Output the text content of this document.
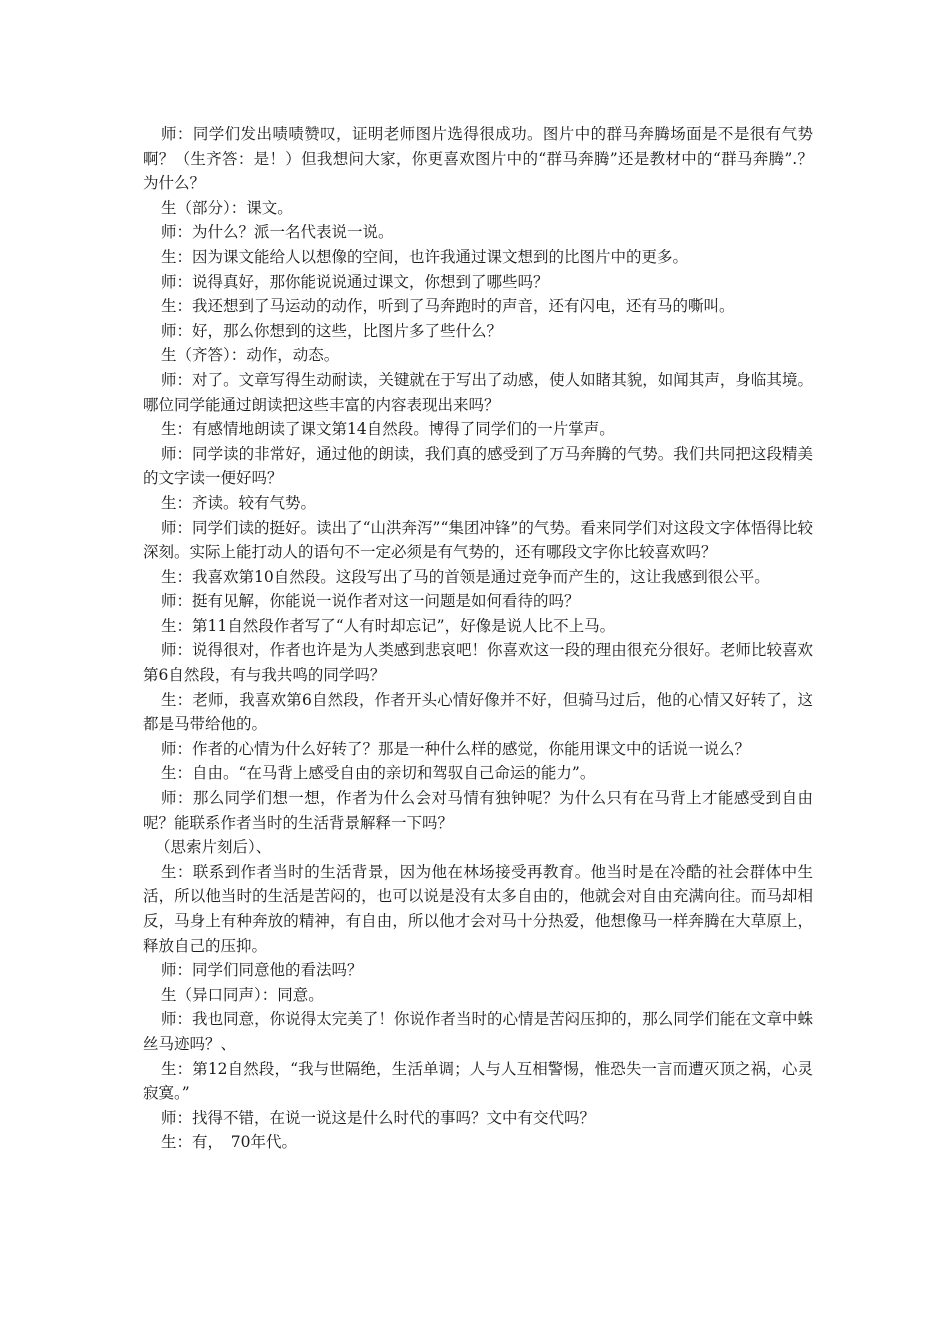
师：同学们发出啧啧赞叹，证明老师图片选得很成功。图片中的群马奔腾场面是不是很有气势啊？（生齐答：是！）但我想问大家，你更喜欢图片中的“群马奔腾”还是教材中的“群马奔腾”.？为什么？

生（部分）：课文。

师：为什么？派一名代表说一说。

生：因为课文能给人以想像的空间，也许我通过课文想到的比图片中的更多。

师：说得真好，那你能说说通过课文，你想到了哪些吗？

生：我还想到了马运动的动作，听到了马奔跑时的声音，还有闪电，还有马的嘶叫。

师：好，那么你想到的这些，比图片多了些什么？

生（齐答）：动作，动态。

师：对了。文章写得生动耐读，关键就在于写出了动感，使人如睹其貌，如闻其声，身临其境。哪位同学能通过朗读把这些丰富的内容表现出来吗？

生：有感情地朗读了课文第14自然段。博得了同学们的一片掌声。

师：同学读的非常好，通过他的朗读，我们真的感受到了万马奔腾的气势。我们共同把这段精美的文字读一便好吗？

生：齐读。较有气势。

师：同学们读的挺好。读出了“山洪奔泻”“集团冲锋”的气势。看来同学们对这段文字体悟得比较深刻。实际上能打动人的语句不一定必须是有气势的，还有哪段文字你比较喜欢吗？

生：我喜欢第10自然段。这段写出了马的首领是通过竞争而产生的，这让我感到很公平。

师：挺有见解，你能说一说作者对这一问题是如何看待的吗？

生：第11自然段作者写了“人有时却忘记”，好像是说人比不上马。

师：说得很对，作者也许是为人类感到悲哀吧！你喜欢这一段的理由很充分很好。老师比较喜欢第6自然段，有与我共鸣的同学吗？

生：老师，我喜欢第6自然段，作者开头心情好像并不好，但骑马过后，他的心情又好转了，这都是马带给他的。

师：作者的心情为什么好转了？那是一种什么样的感觉，你能用课文中的话说一说么？

生：自由。“在马背上感受自由的亲切和驾驭自己命运的能力”。

师：那么同学们想一想，作者为什么会对马情有独钟呢？为什么只有在马背上才能感受到自由呢？能联系作者当时的生活背景解释一下吗？

（思索片刻后）、

生：联系到作者当时的生活背景，因为他在林场接受再教育。他当时是在冷酷的社会群体中生活，所以他当时的生活是苦闷的，也可以说是没有太多自由的，他就会对自由充满向往。而马却相反，马身上有种奔放的精神，有自由，所以他才会对马十分热爱，他想像马一样奔腾在大草原上，释放自己的压抑。

师：同学们同意他的看法吗？

生（异口同声）：同意。

师：我也同意，你说得太完美了！你说作者当时的心情是苦闷压抑的，那么同学们能在文章中蛛丝马迹吗？、

生：第12自然段，“我与世隔绝，生活单调；人与人互相警惕，惟恐失一言而遭灭顶之祸，心灵寂寞。”

师：找得不错，在说一说这是什么时代的事吗？文中有交代吗？

生：有，　70年代。
